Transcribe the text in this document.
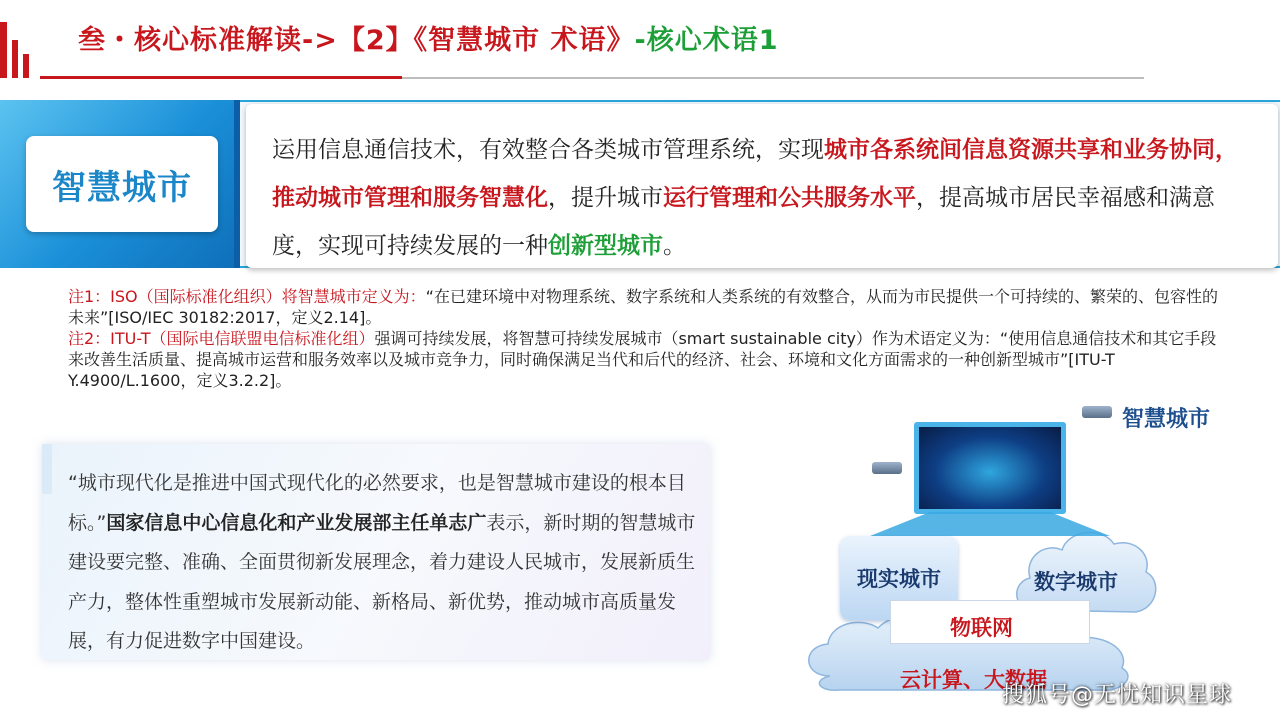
叁・核心标准解读->【2】《智慧城市 术语》-核心术语1
智慧城市
运用信息通信技术，有效整合各类城市管理系统，实现城市各系统间信息资源共享和业务协同，推动城市管理和服务智慧化，提升城市运行管理和公共服务水平，提高城市居民幸福感和满意度，实现可持续发展的一种创新型城市。
注1：ISO（国际标准化组织）将智慧城市定义为：“在已建环境中对物理系统、数字系统和人类系统的有效整合，从而为市民提供一个可持续的、繁荣的、包容性的未来”[ISO/IEC 30182:2017，定义2.14]。
注2：ITU-T（国际电信联盟电信标准化组）强调可持续发展，将智慧可持续发展城市（smart sustainable city）作为术语定义为：“使用信息通信技术和其它手段来改善生活质量、提高城市运营和服务效率以及城市竞争力，同时确保满足当代和后代的经济、社会、环境和文化方面需求的一种创新型城市”[ITU-T Y.4900/L.1600，定义3.2.2]。
“城市现代化是推进中国式现代化的必然要求，也是智慧城市建设的根本目标。”国家信息中心信息化和产业发展部主任单志广表示，新时期的智慧城市建设要完整、准确、全面贯彻新发展理念，着力建设人民城市，发展新质生产力，整体性重塑城市发展新动能、新格局、新优势，推动城市高质量发展，有力促进数字中国建设。
智慧城市
现实城市	数字城市
物联网
云计算、大数据
搜狐号@无忧知识星球
